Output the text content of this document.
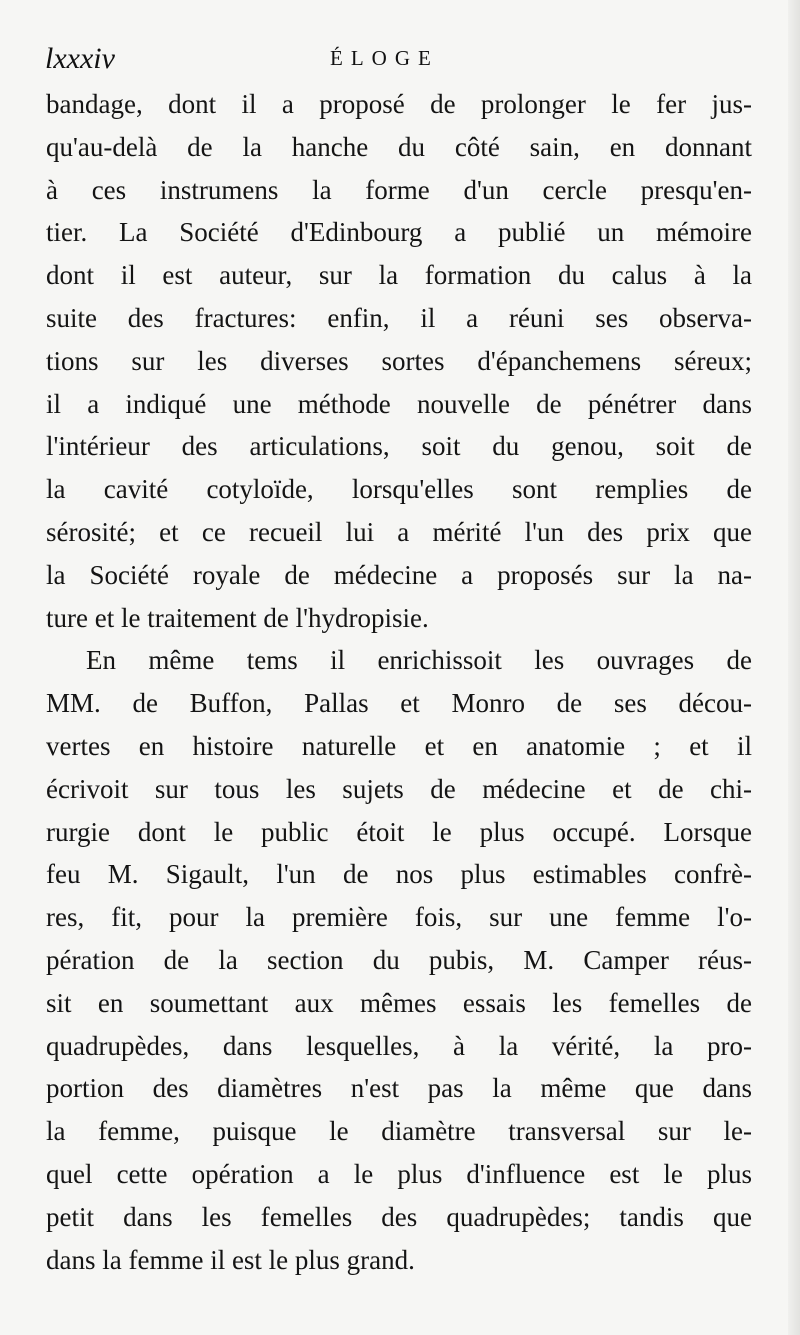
lxxxiv	ÉLOGE
bandage, dont il a proposé de prolonger le fer jus-
qu'au-delà de la hanche du côté sain, en donnant
à ces instrumens la forme d'un cercle presqu'en-
tier. La Société d'Edinbourg a publié un mémoire
dont il est auteur, sur la formation du calus à la
suite des fractures: enfin, il a réuni ses observa-
tions sur les diverses sortes d'épanchemens séreux;
il a indiqué une méthode nouvelle de pénétrer dans
l'intérieur des articulations, soit du genou, soit de
la cavité cotyloïde, lorsqu'elles sont remplies de
sérosité; et ce recueil lui a mérité l'un des prix que
la Société royale de médecine a proposés sur la na-
ture et le traitement de l'hydropisie.
En même tems il enrichissoit les ouvrages de
MM. de Buffon, Pallas et Monro de ses décou-
vertes en histoire naturelle et en anatomie ; et il
écrivoit sur tous les sujets de médecine et de chi-
rurgie dont le public étoit le plus occupé. Lorsque
feu M. Sigault, l'un de nos plus estimables confrè-
res, fit, pour la première fois, sur une femme l'o-
pération de la section du pubis, M. Camper réus-
sit en soumettant aux mêmes essais les femelles de
quadrupèdes, dans lesquelles, à la vérité, la pro-
portion des diamètres n'est pas la même que dans
la femme, puisque le diamètre transversal sur le-
quel cette opération a le plus d'influence est le plus
petit dans les femelles des quadrupèdes; tandis que
dans la femme il est le plus grand.
